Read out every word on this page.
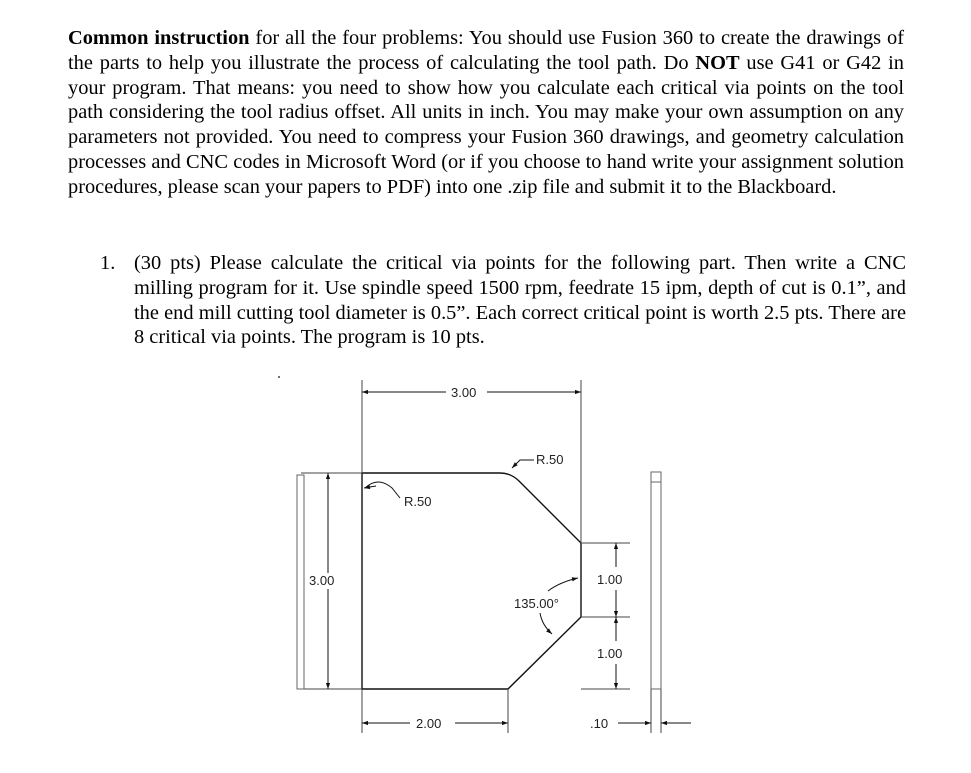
Common instruction for all the four problems: You should use Fusion 360 to create the drawings of the parts to help you illustrate the process of calculating the tool path. Do NOT use G41 or G42 in your program. That means: you need to show how you calculate each critical via points on the tool path considering the tool radius offset. All units in inch. You may make your own assumption on any parameters not provided. You need to compress your Fusion 360 drawings, and geometry calculation processes and CNC codes in Microsoft Word (or if you choose to hand write your assignment solution procedures, please scan your papers to PDF) into one .zip file and submit it to the Blackboard.
1. (30 pts) Please calculate the critical via points for the following part. Then write a CNC milling program for it. Use spindle speed 1500 rpm, feedrate 15 ipm, depth of cut is 0.1”, and the end mill cutting tool diameter is 0.5”. Each correct critical point is worth 2.5 pts. There are 8 critical via points. The program is 10 pts.
3.00
R.50
R.50
3.00
135.00°
1.00
1.00
2.00	.10
